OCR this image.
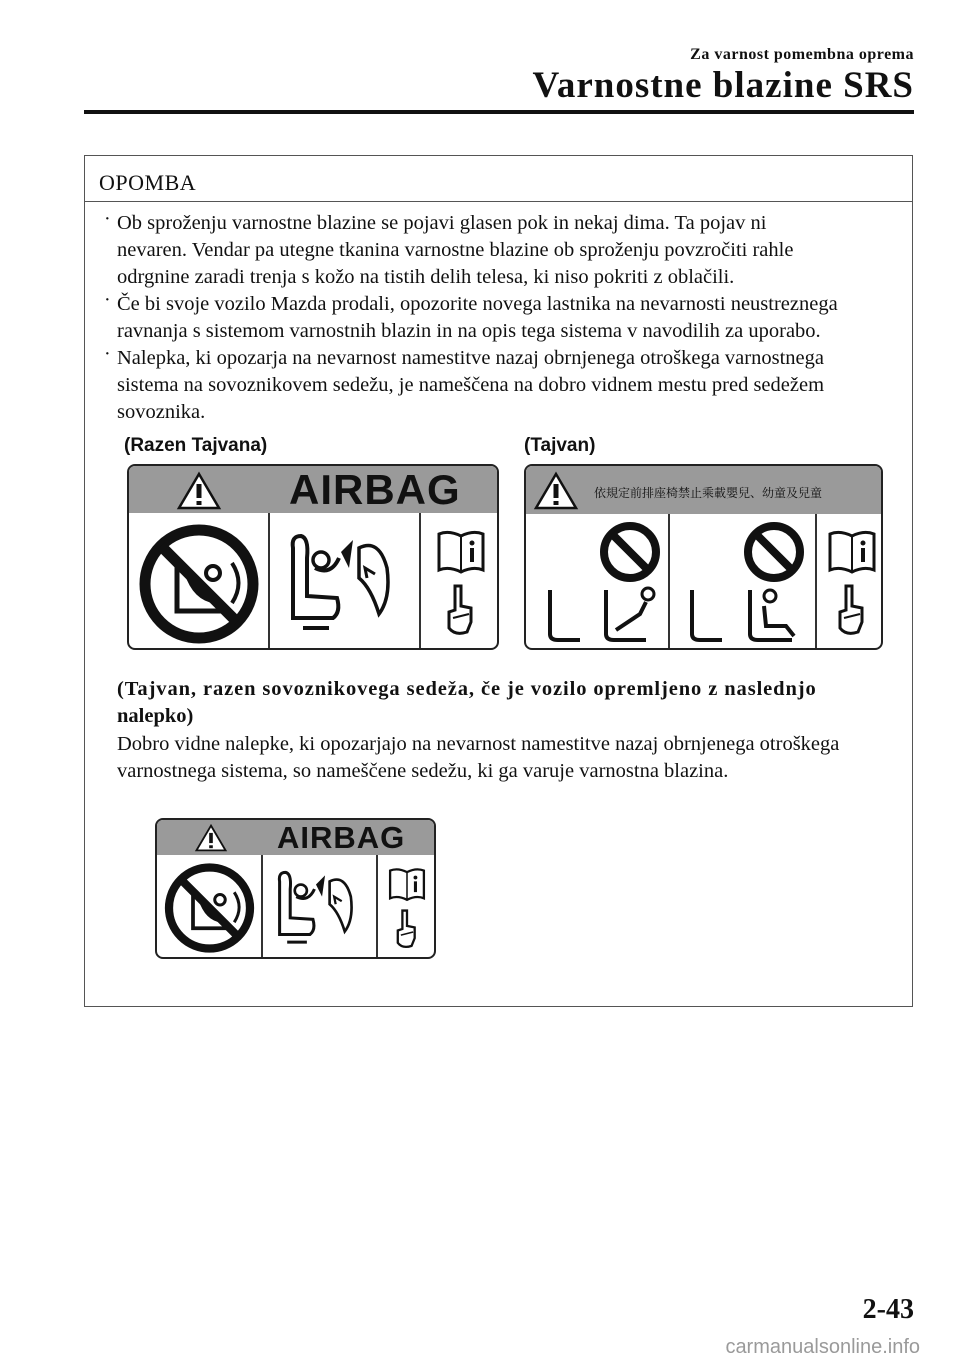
Za varnost pomembna oprema
Varnostne blazine SRS
OPOMBA
· Ob sproženju varnostne blazine se pojavi glasen pok in nekaj dima. Ta pojav ni
nevaren. Vendar pa utegne tkanina varnostne blazine ob sproženju povzročiti rahle
odrgnine zaradi trenja s kožo na tistih delih telesa, ki niso pokriti z oblačili.
· Če bi svoje vozilo Mazda prodali, opozorite novega lastnika na nevarnosti neustreznega
ravnanja s sistemom varnostnih blazin in na opis tega sistema v navodilih za uporabo.
· Nalepka, ki opozarja na nevarnost namestitve nazaj obrnjenega otroškega varnostnega
sistema na sovoznikovem sedežu, je nameščena na dobro vidnem mestu pred sedežem
sovoznika.
(Razen Tajvana)	(Tajvan)
AIRBAG	依規定前排座椅禁止乘載嬰兒、幼童及兒童
(Tajvan, razen sovoznikovega sedeža, če je vozilo opremljeno z naslednjo
nalepko)
Dobro vidne nalepke, ki opozarjajo na nevarnost namestitve nazaj obrnjenega otroškega
varnostnega sistema, so nameščene sedežu, ki ga varuje varnostna blazina.
AIRBAG
2-43
carmanualsonline.info
